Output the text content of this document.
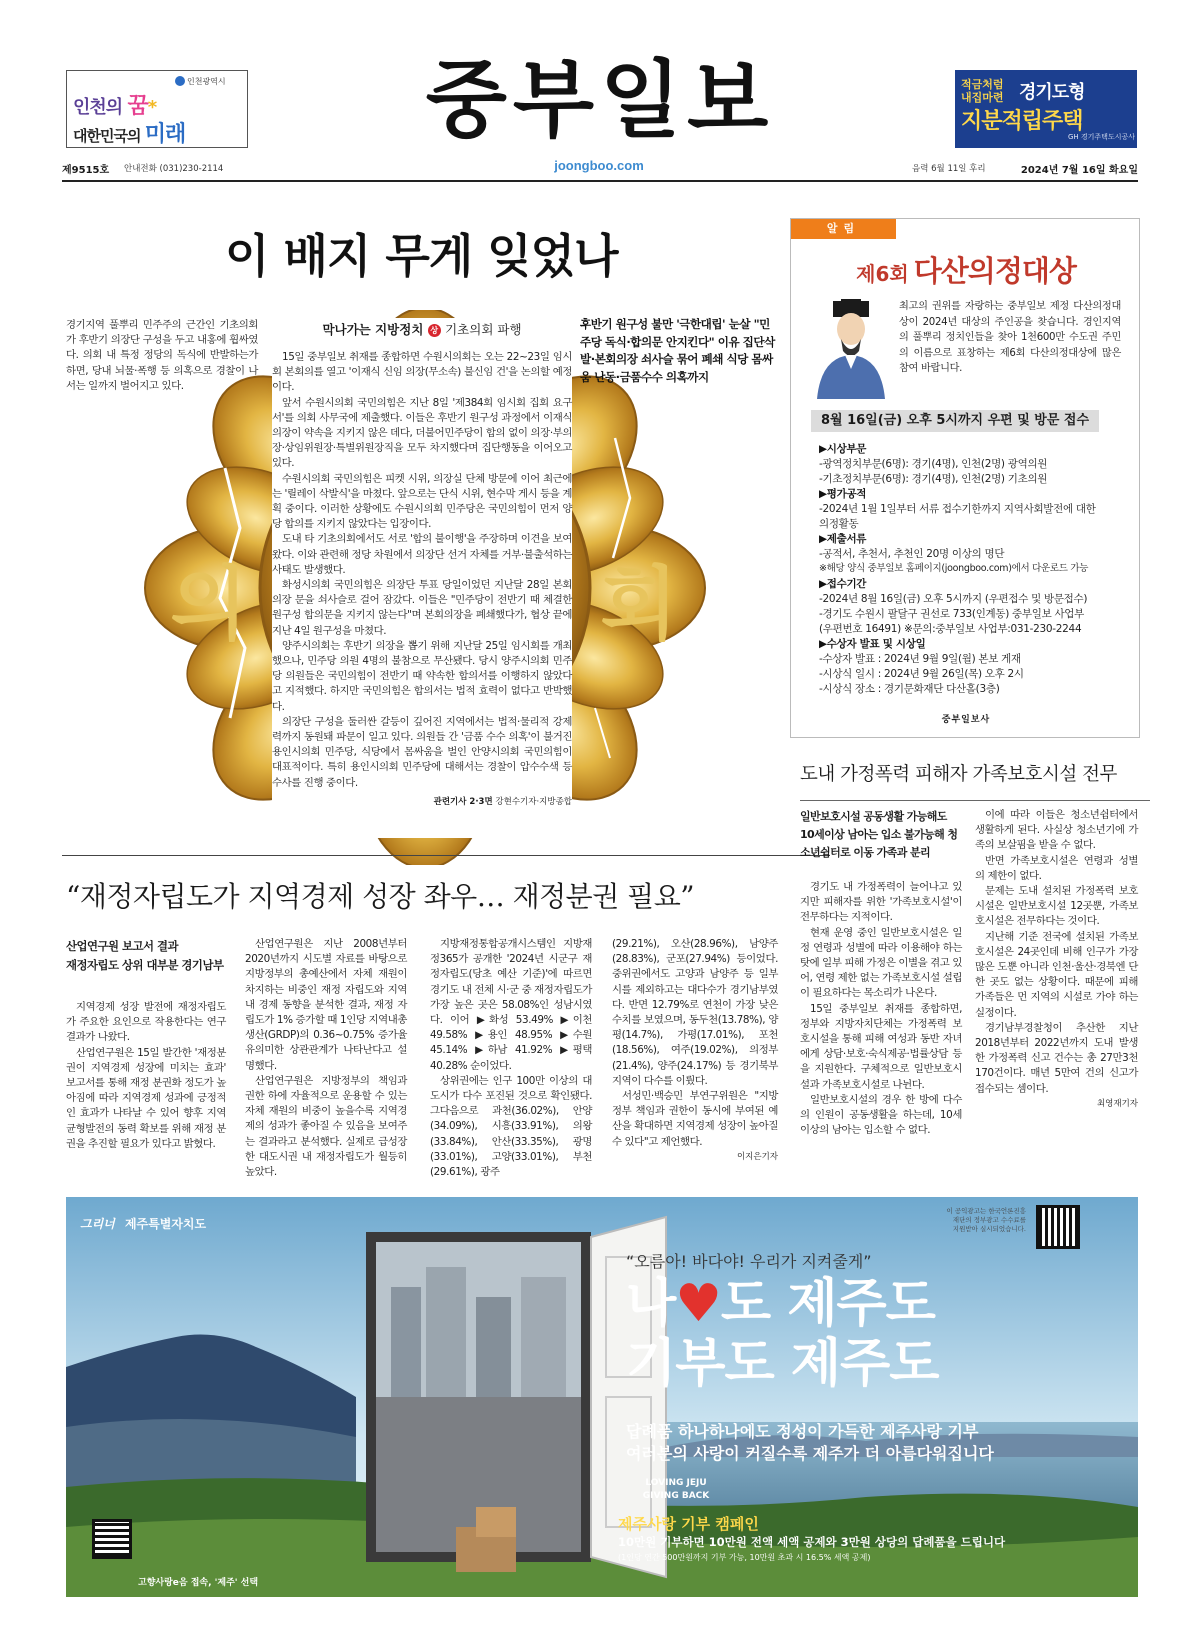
인천광역시
인천의 꿈*
대한민국의 미래	중부일보	적금처럼
내집마련 경기도형
지분적립주택
GH 경기주택도시공사
제9515호 안내전화 (031)230-2114	joongboo.com	음력 6월 11일 후리	2024년 7월 16일 화요일
이 배지 무게 잊었나
의	회

경기지역 풀뿌리 민주주의 근간인 기초의회가 후반기 의장단 구성을 두고 내홍에 휩싸였다. 의회 내 특정 정당의 독식에 반발하는가 하면, 당내 뇌물·폭행 등 의혹으로 경찰이 나서는 일까지 벌어지고 있다.

막나가는 지방정치 상 기초의회 파행

15일 중부일보 취재를 종합하면 수원시의회는 오는 22~23일 임시회 본회의를 열고 '이재식 신임 의장(무소속) 불신임 건'을 논의할 예정이다.

앞서 수원시의회 국민의힘은 지난 8일 '제384회 임시회 집회 요구서'를 의회 사무국에 제출했다. 이들은 후반기 원구성 과정에서 이재식 의장이 약속을 지키지 않은 데다, 더불어민주당이 합의 없이 의장·부의장·상임위원장·특별위원장직을 모두 차지했다며 집단행동을 이어오고 있다.

수원시의회 국민의힘은 피켓 시위, 의장실 단체 방문에 이어 최근에는 '릴레이 삭발식'을 마쳤다. 앞으로는 단식 시위, 현수막 게시 등을 계획 중이다. 이러한 상황에도 수원시의회 민주당은 국민의힘이 먼저 양당 합의를 지키지 않았다는 입장이다.

도내 타 기초의회에서도 서로 '합의 불이행'을 주장하며 이견을 보여왔다. 이와 관련해 정당 차원에서 의장단 선거 자체를 거부·불출석하는 사태도 발생했다.

화성시의회 국민의힘은 의장단 투표 당일이었던 지난달 28일 본회의장 문을 쇠사슬로 걸어 잠갔다. 이들은 "민주당이 전반기 때 체결한 원구성 합의문을 지키지 않는다"며 본회의장을 폐쇄했다가, 협상 끝에 지난 4일 원구성을 마쳤다.

양주시의회는 후반기 의장을 뽑기 위해 지난달 25일 임시회를 개최했으나, 민주당 의원 4명의 불참으로 무산됐다. 당시 양주시의회 민주당 의원들은 국민의힘이 전반기 때 약속한 합의서를 이행하지 않았다고 지적했다. 하지만 국민의힘은 합의서는 법적 효력이 없다고 반박했다.

의장단 구성을 둘러싼 갈등이 깊어진 지역에서는 법적·물리적 강제력까지 동원돼 파문이 일고 있다. 의원들 간 '금품 수수 의혹'이 불거진 용인시의회 민주당, 식당에서 몸싸움을 벌인 안양시의회 국민의힘이 대표적이다. 특히 용인시의회 민주당에 대해서는 경찰이 압수수색 등 수사를 진행 중이다.

관련기사 2·3면 강현수기자·지방종합
후반기 원구성 불만 '극한대립' 눈살 "민주당 독식·합의문 안지킨다" 이유 집단삭발·본회의장 쇠사슬 묶어 폐쇄 식당 몸싸움 난동·금품수수 의혹까지
알림
제6회 다산의정대상

최고의 권위를 자랑하는 중부일보 제정 다산의정대상이 2024년 대상의 주인공을 찾습니다. 경인지역의 풀뿌리 정치인들을 찾아 1천600만 수도권 주민의 이름으로 표창하는 제6회 다산의정대상에 많은 참여 바랍니다.

8월 16일(금) 오후 5시까지 우편 및 방문 접수
▶시상부문
-광역정치부문(6명): 경기(4명), 인천(2명) 광역의원
-기초정치부문(6명): 경기(4명), 인천(2명) 기초의원
▶평가공적
-2024년 1월 1일부터 서류 접수기한까지 지역사회발전에 대한
의정활동
▶제출서류
-공적서, 추천서, 추천인 20명 이상의 명단
※해당 양식 중부일보 홈페이지(joongboo.com)에서 다운로드 가능
▶접수기간
-2024년 8월 16일(금) 오후 5시까지 (우편접수 및 방문접수)
-경기도 수원시 팔달구 권선로 733(인계동) 중부일보 사업부
(우편번호 16491) ※문의:중부일보 사업부:031-230-2244
▶수상자 발표 및 시상일
-수상자 발표 : 2024년 9월 9일(월) 본보 게재
-시상식 일시 : 2024년 9월 26일(목) 오후 2시
-시상식 장소 : 경기문화재단 다산홀(3층)
중부일보사
도내 가정폭력 피해자 가족보호시설 전무
일반보호시설 공동생활 가능해도 10세이상 남아는 입소 불가능해 청소년쉼터로 이동 가족과 분리

경기도 내 가정폭력이 늘어나고 있지만 피해자를 위한 '가족보호시설'이 전무하다는 지적이다.

현재 운영 중인 일반보호시설은 일정 연령과 성별에 따라 이용해야 하는 탓에 일부 피해 가정은 이별을 겪고 있어, 연령 제한 없는 가족보호시설 설립이 필요하다는 목소리가 나온다.

15일 중부일보 취재를 종합하면, 정부와 지방자치단체는 가정폭력 보호시설을 통해 피해 여성과 동반 자녀에게 상담·보호·숙식제공·법률상담 등을 지원한다. 구체적으로 일반보호시설과 가족보호시설로 나뉜다.

일반보호시설의 경우 한 방에 다수의 인원이 공동생활을 하는데, 10세 이상의 남아는 입소할 수 없다.

이에 따라 이들은 청소년쉼터에서 생활하게 된다. 사실상 청소년기에 가족의 보살핌을 받을 수 없다.

반면 가족보호시설은 연령과 성별의 제한이 없다.

문제는 도내 설치된 가정폭력 보호시설은 일반보호시설 12곳뿐, 가족보호시설은 전무하다는 것이다.

지난해 기준 전국에 설치된 가족보호시설은 24곳인데 비해 인구가 가장 많은 도뿐 아니라 인천·울산·경북엔 단 한 곳도 없는 상황이다. 때문에 피해 가족들은 먼 지역의 시설로 가야 하는 실정이다.

경기남부경찰청이 추산한 지난 2018년부터 2022년까지 도내 발생한 가정폭력 신고 건수는 총 27만3천170건이다. 매년 5만여 건의 신고가 접수되는 셈이다.

최영재기자
“재정자립도가 지역경제 성장 좌우… 재정분권 필요”
산업연구원 보고서 결과
재정자립도 상위 대부분 경기남부

지역경제 성장 발전에 재정자립도가 주요한 요인으로 작용한다는 연구결과가 나왔다.

산업연구원은 15일 발간한 '재정분권이 지역경제 성장에 미치는 효과' 보고서를 통해 재정 분권화 정도가 높아짐에 따라 지역경제 성과에 긍정적인 효과가 나타날 수 있어 향후 지역 균형발전의 동력 확보를 위해 재정 분권을 추진할 필요가 있다고 밝혔다.

산업연구원은 지난 2008년부터 2020년까지 시도별 자료를 바탕으로 지방정부의 총예산에서 자체 재원이 차지하는 비중인 재정 자립도와 지역 내 경제 동향을 분석한 결과, 재정 자립도가 1% 증가할 때 1인당 지역내총생산(GRDP)의 0.36~0.75% 증가율 유의미한 상관관계가 나타난다고 설명했다.

산업연구원은 지방정부의 책임과 권한 하에 자율적으로 운용할 수 있는 자체 재원의 비중이 높을수록 지역경제의 성과가 좋아질 수 있음을 보여주는 결과라고 분석했다. 실제로 급성장한 대도시권 내 재정자립도가 월등히 높았다.

지방재정통합공개시스템인 지방재정365가 공개한 '2024년 시군구 재정자립도(당초 예산 기준)'에 따르면 경기도 내 전체 시·군 중 재정자립도가 가장 높은 곳은 58.08%인 성남시였다. 이어 ▶화성 53.49% ▶이천 49.58% ▶용인 48.95% ▶수원 45.14% ▶하남 41.92% ▶평택 40.28% 순이었다.

상위권에는 인구 100만 이상의 대도시가 다수 포진된 것으로 확인됐다. 그다음으로 과천(36.02%), 안양(34.09%), 시흥(33.91%), 의왕(33.84%), 안산(33.35%), 광명(33.01%), 고양(33.01%), 부천(29.61%), 광주

(29.21%), 오산(28.96%), 남양주(28.83%), 군포(27.94%) 등이었다. 중위권에서도 고양과 남양주 등 일부 시를 제외하고는 대다수가 경기남부였다. 반면 12.79%로 연천이 가장 낮은 수치를 보였으며, 동두천(13.78%), 양평(14.7%), 가평(17.01%), 포천(18.56%), 여주(19.02%), 의정부(21.4%), 양주(24.17%) 등 경기북부 지역이 다수를 이뤘다.

서성민·백승민 부연구위원은 "지방정부 책임과 권한이 동시에 부여된 예산을 확대하면 지역경제 성장이 높아질 수 있다"고 제언했다.

이지은기자
그리너 제주특별자치도
이 공익광고는 한국언론진흥재단의 정부광고 수수료를 지원받아 실시되었습니다.
“오름아! 바다야! 우리가 지켜줄게”
나♥도 제주도
기부도 제주도
답례품 하나하나에도 정성이 가득한 제주사랑 기부
여러분의 사랑이 커질수록 제주가 더 아름다워집니다
LOVING JEJU
GIVING BACK
제주사랑 기부 캠페인
10만원 기부하면 10만원 전액 세액 공제와 3만원 상당의 답례품을 드립니다
(1인당 연간 500만원까지 기부 가능, 10만원 초과 시 16.5% 세액 공제)
고향사랑e음 접속, '제주' 선택
